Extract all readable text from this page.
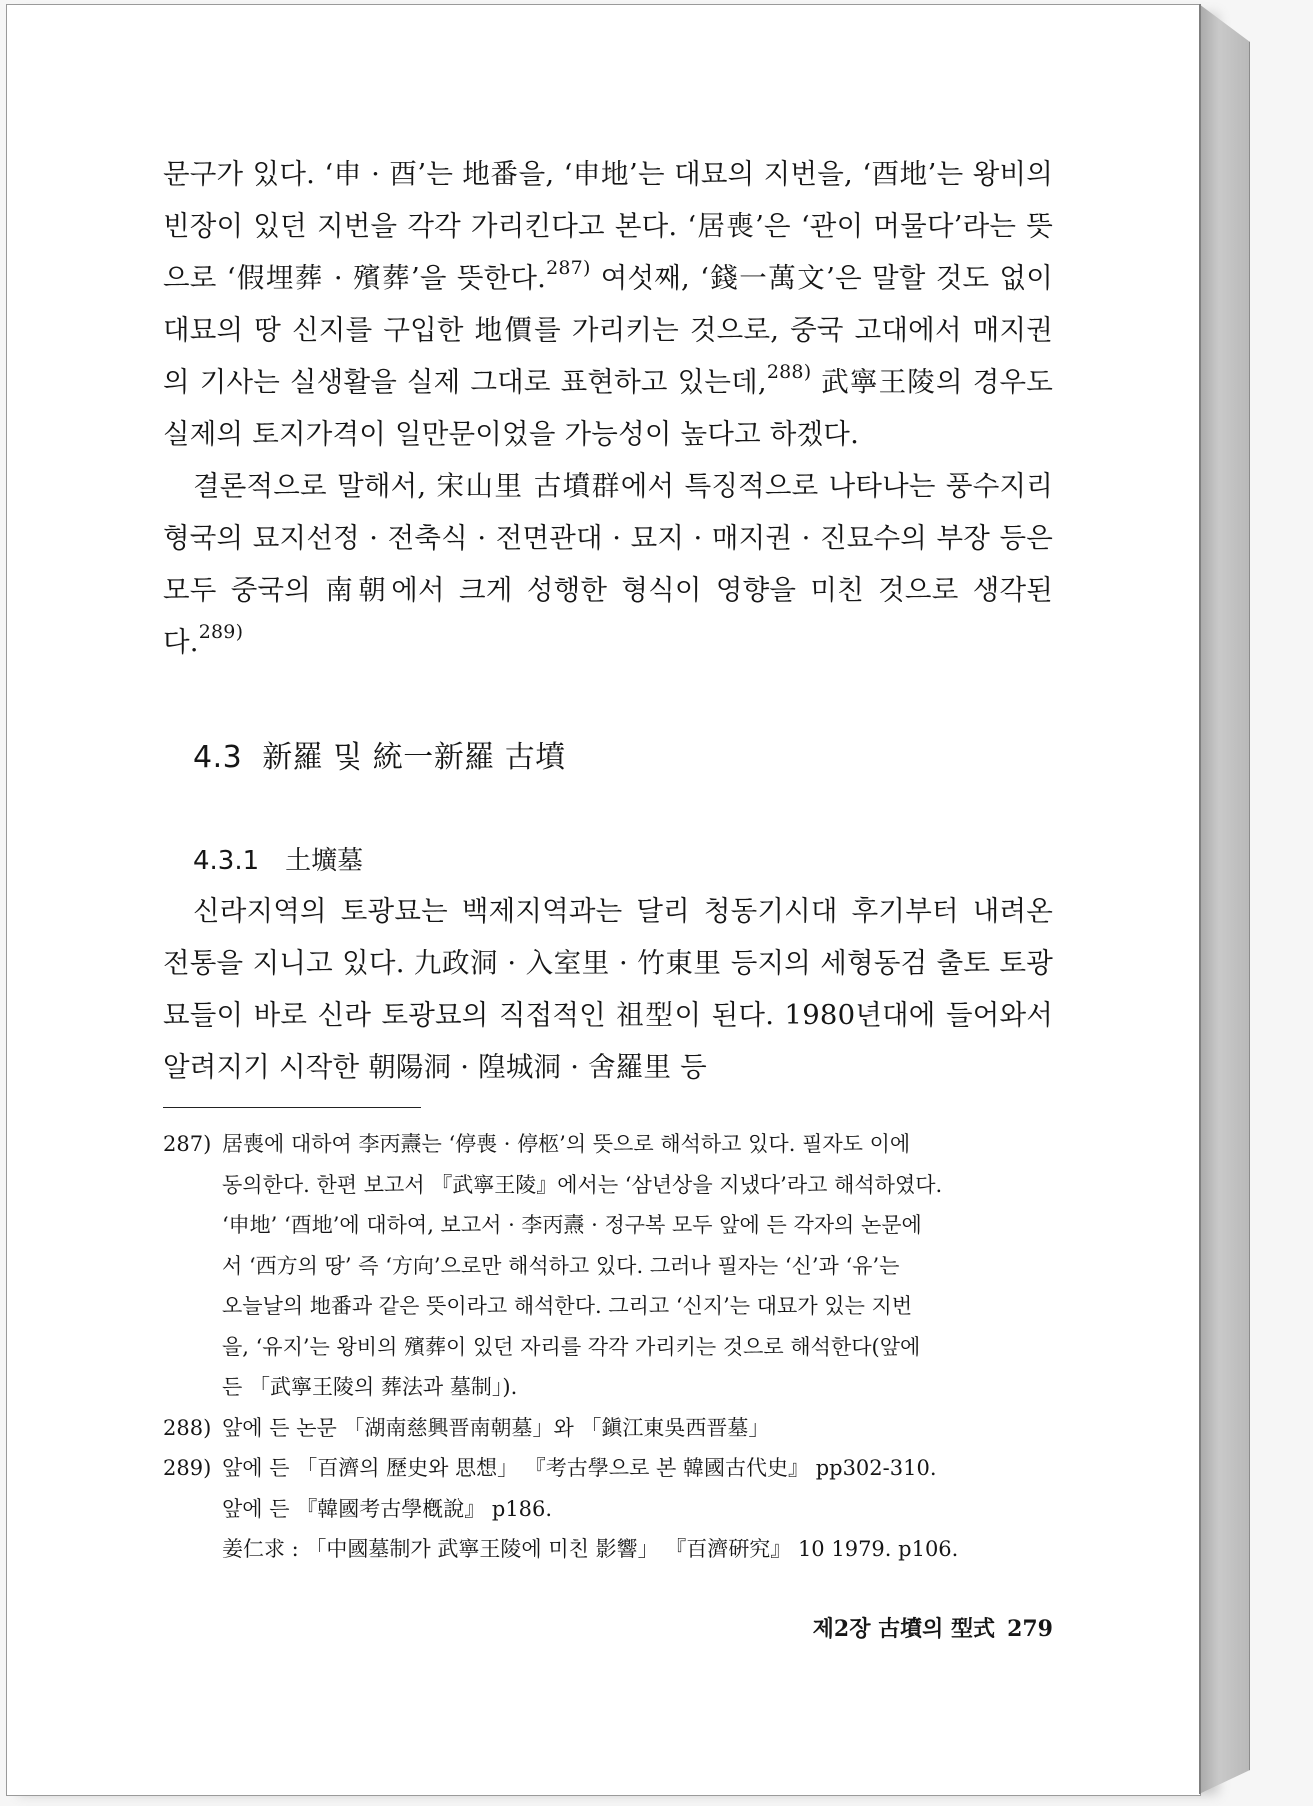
문구가 있다. ‘申 · 酉’는 地番을, ‘申地’는 대묘의 지번을, ‘酉地’는 왕비의 빈장이 있던 지번을 각각 가리킨다고 본다. ‘居喪’은 ‘관이 머물다’라는 뜻으로 ‘假埋葬 · 殯葬’을 뜻한다.$^{287)}$ 여섯째, ‘錢一萬文’은 말할 것도 없이 대묘의 땅 신지를 구입한 地價를 가리키는 것으로, 중국 고대에서 매지권의 기사는 실생활을 실제 그대로 표현하고 있는데,$^{288)}$ 武寧王陵의 경우도 실제의 토지가격이 일만문이었을 가능성이 높다고 하겠다.

결론적으로 말해서, 宋山里 古墳群에서 특징적으로 나타나는 풍수지리형국의 묘지선정 · 전축식 · 전면관대 · 묘지 · 매지권 · 진묘수의 부장 등은 모두 중국의 南朝에서 크게 성행한 형식이 영향을 미친 것으로 생각된다.$^{289)}$

4.3 新羅 및 統一新羅 古墳
4.3.1 土壙墓

신라지역의 토광묘는 백제지역과는 달리 청동기시대 후기부터 내려온 전통을 지니고 있다. 九政洞 · 入室里 · 竹東里 등지의 세형동검 출토 토광묘들이 바로 신라 토광묘의 직접적인 祖型이 된다. 1980년대에 들어와서 알려지기 시작한 朝陽洞 · 隍城洞 · 舍羅里 등

287) 居喪에 대하여 李丙燾는 ‘停喪 · 停柩’의 뜻으로 해석하고 있다. 필자도 이에
동의한다. 한편 보고서 『武寧王陵』에서는 ‘삼년상을 지냈다’라고 해석하였다.
‘申地’ ‘酉地’에 대하여, 보고서 · 李丙燾 · 정구복 모두 앞에 든 각자의 논문에
서 ‘西方의 땅’ 즉 ‘方向’으로만 해석하고 있다. 그러나 필자는 ‘신’과 ‘유’는
오늘날의 地番과 같은 뜻이라고 해석한다. 그리고 ‘신지’는 대묘가 있는 지번
을, ‘유지’는 왕비의 殯葬이 있던 자리를 각각 가리키는 것으로 해석한다(앞에
든 「武寧王陵의 葬法과 墓制」).
288) 앞에 든 논문 「湖南慈興晋南朝墓」와 「鎭江東吳西晋墓」
289) 앞에 든 「百濟의 歷史와 思想」 『考古學으로 본 韓國古代史』 pp302-310.
앞에 든 『韓國考古學槪說』 p186.
姜仁求 : 「中國墓制가 武寧王陵에 미친 影響」 『百濟硏究』 10 1979. p106.
제2장 古墳의 型式 279
